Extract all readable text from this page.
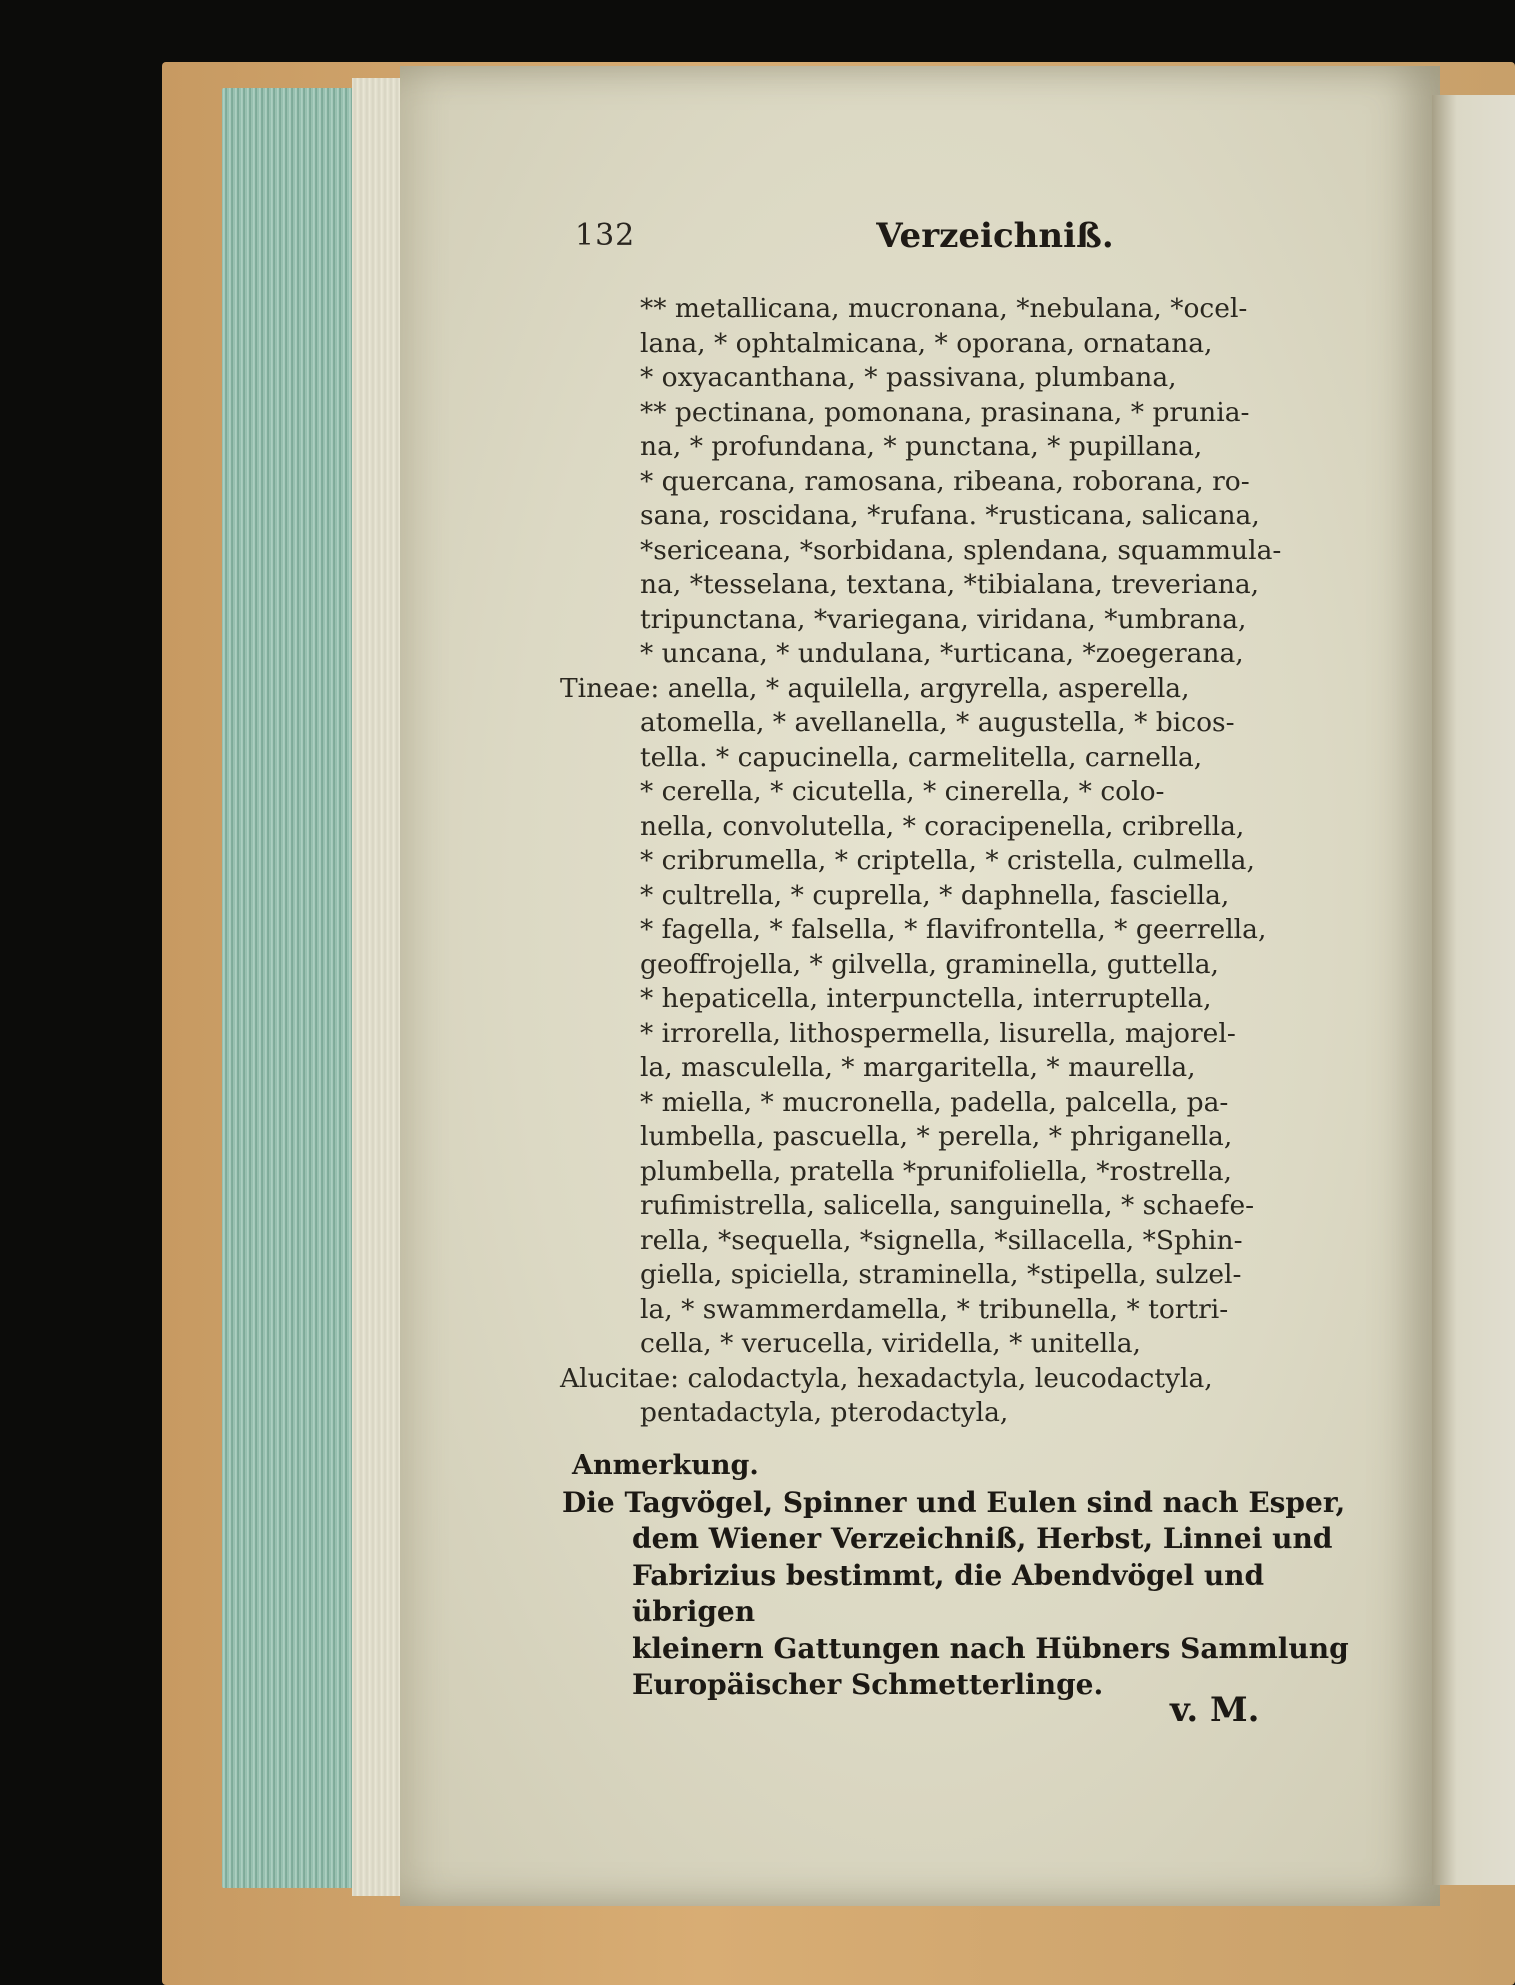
132	Verzeichniß.
** metallicana, mucronana, *nebulana, *ocel-
lana, * ophtalmicana, * oporana, ornatana,
* oxyacanthana, * passivana, plumbana,
** pectinana, pomonana, prasinana, * prunia-
na, * profundana, * punctana, * pupillana,
* quercana, ramosana, ribeana, roborana, ro-
sana, roscidana, *rufana. *rusticana, salicana,
*sericeana, *sorbidana, splendana, squammula-
na, *tesselana, textana, *tibialana, treveriana,
tripunctana, *variegana, viridana, *umbrana,
* uncana, * undulana, *urticana, *zoegerana,
Tineae: anella, * aquilella, argyrella, asperella,
atomella, * avellanella, * augustella, * bicos-
tella. * capucinella, carmelitella, carnella,
* cerella, * cicutella, * cinerella, * colo-
nella, convolutella, * coracipenella, cribrella,
* cribrumella, * criptella, * cristella, culmella,
* cultrella, * cuprella, * daphnella, fasciella,
* fagella, * falsella, * flavifrontella, * geerrella,
geoffrojella, * gilvella, graminella, guttella,
* hepaticella, interpunctella, interruptella,
* irrorella, lithospermella, lisurella, majorel-
la, masculella, * margaritella, * maurella,
* miella, * mucronella, padella, palcella, pa-
lumbella, pascuella, * perella, * phriganella,
plumbella, pratella *prunifoliella, *rostrella,
rufimistrella, salicella, sanguinella, * schaefe-
rella, *sequella, *signella, *sillacella, *Sphin-
giella, spiciella, straminella, *stipella, sulzel-
la, * swammerdamella, * tribunella, * tortri-
cella, * verucella, viridella, * unitella,
Alucitae: calodactyla, hexadactyla, leucodactyla,
pentadactyla, pterodactyla,
Anmerkung.
Die Tagvögel, Spinner und Eulen sind nach Esper,
dem Wiener Verzeichniß, Herbst, Linnei und
Fabrizius bestimmt, die Abendvögel und übrigen
kleinern Gattungen nach Hübners Sammlung
Europäischer Schmetterlinge.
v. M.
